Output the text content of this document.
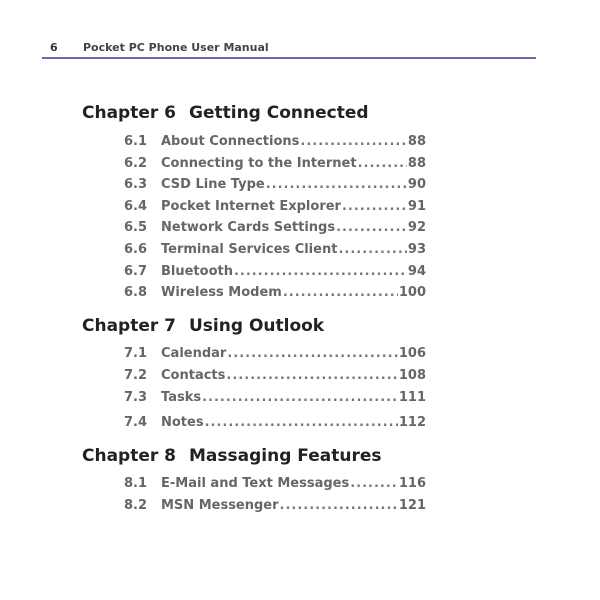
6 Pocket PC Phone User Manual
Chapter 6 Getting Connected
6.1	About Connections .....	88
6.2	Connecting to the Internet .....	88
6.3	CSD Line Type .....	90
6.4	Pocket Internet Explorer .....	91
6.5	Network Cards Settings .....	92
6.6	Terminal Services Client .....	93
6.7	Bluetooth .....	94
6.8	Wireless Modem .....	100
Chapter 7 Using Outlook
7.1	Calendar .....	106
7.2	Contacts .....	108
7.3	Tasks .....	111
7.4	Notes .....	112
Chapter 8 Massaging Features
8.1	E-Mail and Text Messages .....	116
8.2	MSN Messenger .....	121
